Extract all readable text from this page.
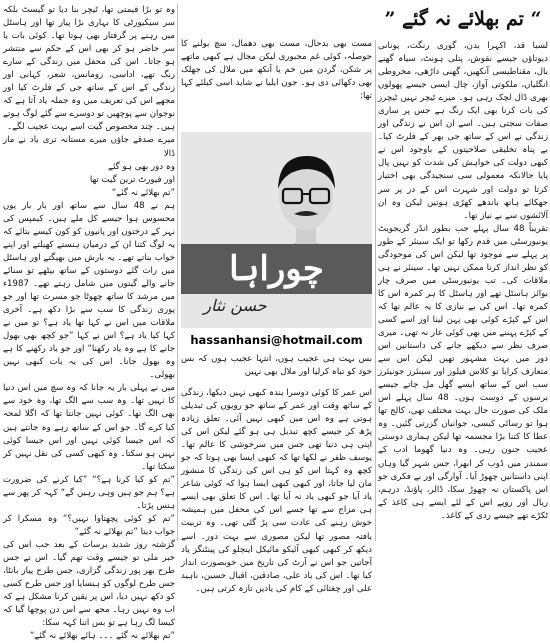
وہ تو بڑا قیمتی تھا، ٹیچر بنا دیا تو گیسٹ بلکہ سر سیکیورٹی کا بہاری بڑا پیار تھا اور ہاسٹل میں رہنے پر گرفتار بھی ہوتا تھا۔ کوئی بات یا سر حاضر ہو کر بھی اس کے حکم سے منتشر ہو جاتا۔ اس کی محفل میں زندگی کے سارے رنگ تھے، اداسی، رومانس، شعر، کہانی اور زندگی کے اس کے ساتھ جی کے فلرٹ کیا اور مجھے اس کی تعریف میں وہ جملہ یاد آتا ہے کہ نوجوان سے پوچھیں تو دوسرے سے گئے لوگ ہوتے ہیں۔ چند مخصوص گیت اسے بہت عجیب لگے۔

میرے صدقے جاؤں میرے مستانہ تری یاد نے مار ڈالا

وہ دور بھی ہو گئے

اور فیورٹ ترین گیت تھا

”تم بھلائے نہ گئے“

ہم نے 48 سال سے ساتھ اور بار بار یوں محسوس ہوا جیسے کل ملے ہیں۔ کیمپس کی نہر کے درختوں اور پانیوں کو کون کیسے بتائے کہ یہ لوگ کتنا ان کے درمیان ہنستے کھیلتے اور اپنے خواب بناتے تھے۔ یہ بارش میں بھیگتے اور ہاسٹل میں رات گئے دوستوں کے ساتھ بیٹھے تو سنائے جانے والے گیتوں میں شامل رہتے تھے۔ 1987ء میں مرشد کا ساتھ چھوٹا جو مسرت تھا اور جو پوری زندگی کا سب سے بڑا دکھ ہے۔ آخری ملاقات میں اس نے کہا تھا یاد ہے؟ تو میں نے کہا کیا یاد ہے؟ اس نے کہا ”جو کچھ بھی بھول جانے کا ہے وہ یاد رکھنا“ اور جو یاد رکھنے کا ہے وہ بھول جانا۔ اس کی یہ بات کبھی نہیں بھولی۔

میں نے پہلی بار یہ جانا کہ وہ سچ میں اس دنیا کا نہیں تھا۔ وہ سب سے الگ تھا، وہ خود سے بھی الگ تھا۔ کوئی نہیں جانتا تھا کہ اگلا لمحہ کیا کرے گا۔ جو اس کے ساتھ رہے وہ جانتے ہیں کہ اس جیسا کوئی نہیں اور اس جیسا کوئی نہیں ہو سکتا۔ وہ کبھی کسی کی نقل نہیں کر سکتا تھا۔

”تم کو کیا کرنا ہے؟“ ”کیا کرنے کی ضرورت ہے؟ ہم جو ہیں وہی رہیں گے“ کہہ کر پھر سے ہنس پڑتا۔

”تم کو کوئی پچھتاوا نہیں؟“ وہ مسکرا کر جواب دیتا ”تم بھلائے نہ گئے“

گزشتہ روز شدید برسات کے بعد جب اس کی خبر ملی تو جیسے وقت تھم گیا۔ اس نے جس طرح بھر پور زندگی گزاری، جس طرح پیار بانٹا، جس طرح لوگوں کو ہنسایا اور جس طرح کسی کو دکھ نہیں دیا، اس پر یقین کرنا مشکل ہے کہ اب وہ نہیں رہا۔ مجھ سے اس دن پوچھا گیا کہ کیسا لگ رہا ہے تو بس اتنا کہہ سکا:

”تم بھلائے نہ گئے ۔۔۔ ہائے بھلائے نہ گئے“

“ تم بھلائے نہ گئے ”

لسبا قد، اکہرا بدن، گوری رنگت، یونانی دیوتاؤں جیسے نقوش، پتلی ہونٹ، سیاہ گھنے بال، مقناطیسی آنکھیں، گھنی داڑھی، مخروطی انگلیاں، ملکوتی آواز، چال ایسی جیسے پھولوں بھری ڈال لچک رہی ہو۔ میرے ٹیچر نہیں ٹیچرز کی بات کرنا بھی ایک رنگ ہے جس پر ساری صفات سجتی ہیں۔ اسے ان اس نے زندگی اور زندگی نے اس کے ساتھ جی بھر کے فلرٹ کیا۔ بے پناہ تخلیقی صلاحیتوں کے باوجود اس نے کبھی دولت کی خواہش کی شدت کو نہیں پال پایا حالانکہ معمولی سی سنجیدگی بھی اختیار کرتا تو دولت اور شہرت اس کے در پر سر جھکائے ہاتھ باندھے کھڑی ہوتیں لیکن وہ ان آلائشوں سے بے نیاز تھا۔

تقریباً 48 سال پہلے جب بطور انڈر گریجویٹ یونیورسٹی میں قدم رکھا تو ایک سینئر کے طور پر پہلے سے موجود تھا لیکن اس کی موجودگی کو نظر انداز کرنا ممکن نہیں تھا۔ سینئر نے ہی ملاقات کی۔ تب یونیورسٹی میں صرف چار بوائز ہاسٹل تھے اور ہاسٹل کا ہر کمرہ اس کا کمرہ تھا۔ اس کی بے نیازی کا یہ عالم تھا کہ اس کے کپڑے کوئی بھی پہن لیتا اور اسے کسی کے کپڑے پہننے میں بھی کوئی عار نہ تھی۔ میری صرف نظر سے دیکھے جانے کی داستانیں اس دور میں بہت مشہور تھیں لیکن اس سے متعارف کرایا تو کلاس فیلوز اور سینئرز جونیئرز سب اس کے ساتھ ایسے گھل مل جاتے جیسے برسوں کے دوست ہوں۔ 48 سال پہلے اس ملک کی صورت حال بہت مختلف تھی، کالج تھا ہوا تو رسائی کیسی، جوانیاں گزرتی گئیں۔ وہ عطا کا کتنا بڑا مجسمہ تھا لیکن ہماری دوستی عجیب جنون رہی۔ وہ دنیا گھوما ادب کے سمندر میں ڈوب کر ابھرا، جس شہر گیا وہاں اپنی داستانیں چھوڑ آیا۔ آوارگی اور بے فکری جو اس پاکستان نہ چھوڑ سکا، ڈالر، پاؤنڈ، درہم، ریال اور روپے اس کے لئے ایسے ہی کاغذ کے ٹکڑے تھے جیسے ردی کے کاغذ۔

مست بھی بدحال، مست بھی دھمال، سچ بولنے کا حوصلہ، کوئی غم مجبوری لیکن مجال ہے کبھی ماتھے پر شکن، گردن میں خم یا آنکھ میں ملال کی جھلک بھی دکھائی دی ہو۔ جون ایلیا نے شاید اسی کیلئے کہا تھا:

چوراہا
حسن نثار
hassanhansi@hotmail.com

بس بہت ہی عجیب ہوں، انتہا عجیب ہوں کہ بس خود کو تباہ کرلیا اور ملال بھی نہیں

اس عمر کا کوئی دوسرا بندہ کبھی نہیں دیکھا، زندگی کے ساتھ وقت اور عمر کے ساتھ جو رویوں کی تبدیلی ہوتی ہے وہ اس میں کبھی نہیں آئی۔ تعلق زیادہ پڑھ کر جیسے کچھ تبدیل ہی ہو گئے لیکن اس کی اپنی ہی دنیا تھی جس میں سرخوشی کا عالم تھا۔ یوسف ظفر نے لکھا تھا کہ کبھی ایسا بھی ہوتا کہ جو کچھ وہ کہتا اس کو ہی اس کی زندگی کا منشور مان لیا جاتا، اور کبھی کبھی ایسا ہوا کہ کوئی شاعر یاد آیا جو کبھی یاد نہ آیا تھا۔ اس کا تعلق بھی ایسے ہی مزاج سے تھا جسے اس کی محفل میں ہمیشہ خوش رہنے کی عادت سی پڑ گئی تھی۔ وہ تربیت یافتہ مصور تھا لیکن مصوری سے بہت دور۔ اسے دیکھ کر کبھی کبھی آئیکو مائیکل اینجلو کی پینٹنگز یاد آجاتیں جو اس نے آرٹ کی تاریخ میں خوبصورت انداز کیا تھا۔ اس کی یاد علی، صادقین، اقبال حسین، ناہید علی اور چغتائی کے کام کی یادیں تازہ کرتی ہیں۔
